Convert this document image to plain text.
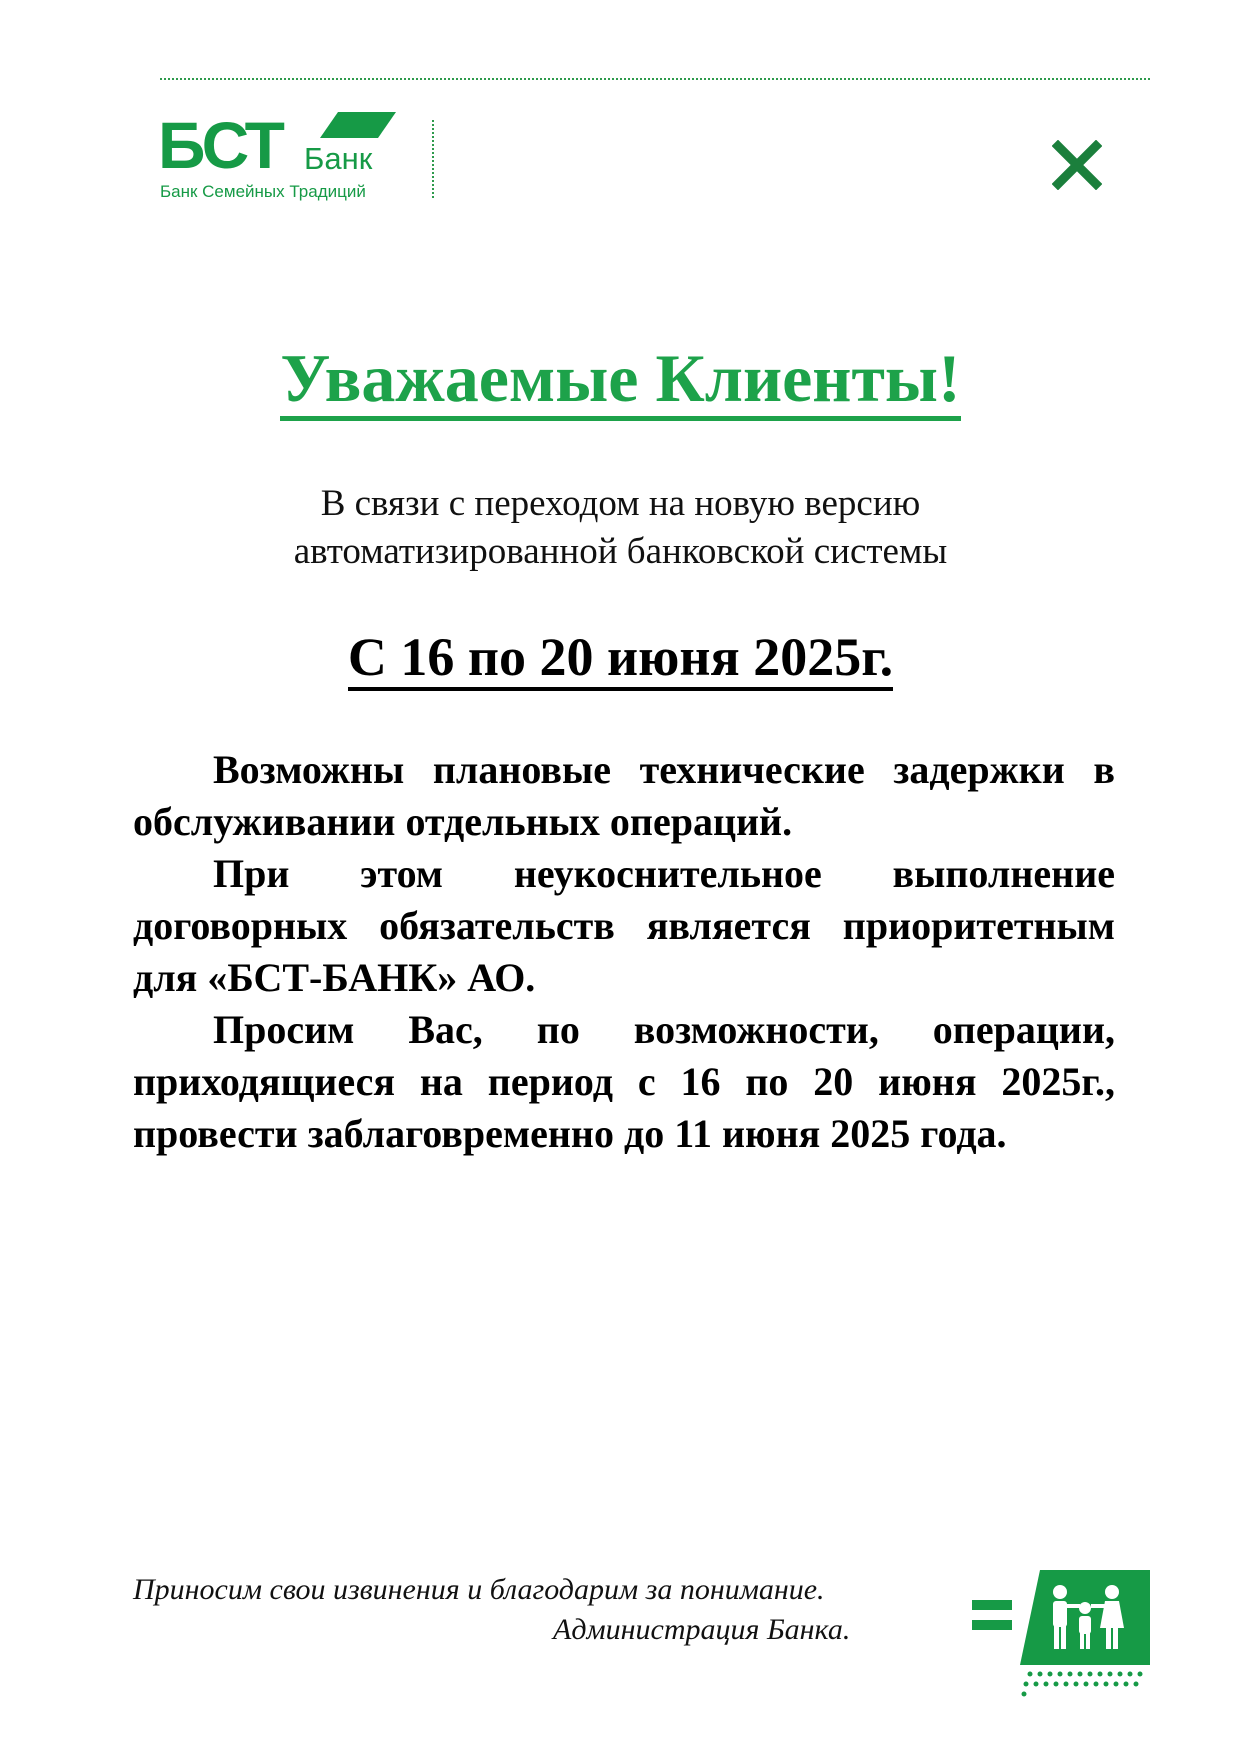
БСТ Банк
Банк Семейных Традиций
Уважаемые Клиенты!
В связи с переходом на новую версию
автоматизированной банковской системы
С 16 по 20 июня 2025г.

Возможны плановые технические задержки в обслуживании отдельных операций.

При этом неукоснительное выполнение договорных обязательств является приоритетным для «БСТ-БАНК» АО.

Просим Вас, по возможности, операции, приходящиеся на период с 16 по 20 июня 2025г., провести заблаговременно до 11 июня 2025 года.

Приносим свои извинения и благодарим за понимание.
Администрация Банка.
